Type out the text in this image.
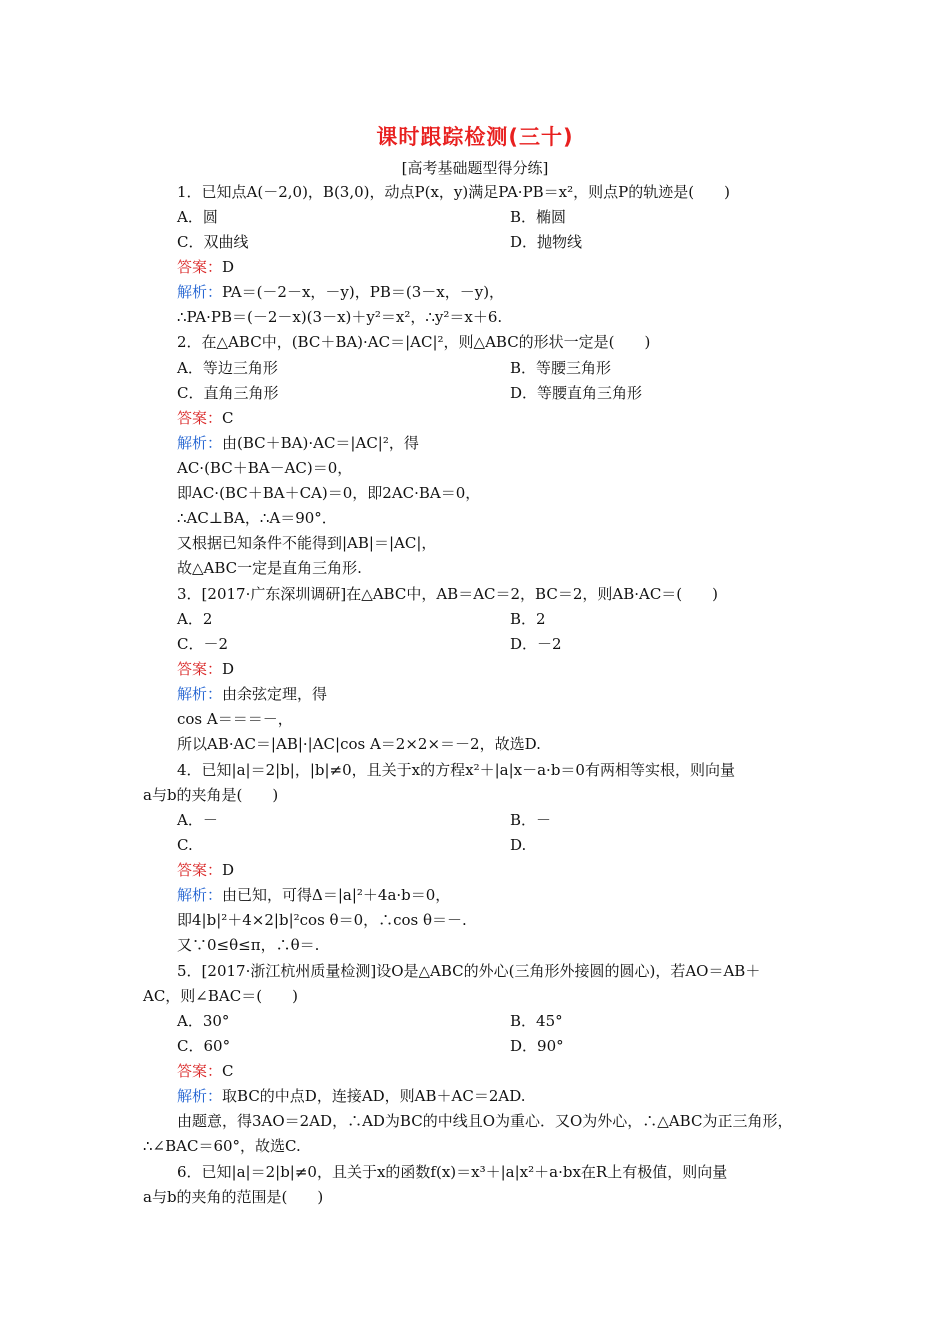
课时跟踪检测(三十)
[高考基础题型得分练]
1．已知点A(－2,0)，B(3,0)，动点P(x，y)满足PA·PB＝x²，则点P的轨迹是(　　)
A．圆	B．椭圆
C．双曲线	D．抛物线
答案：D
解析：PA＝(－2－x，－y)，PB＝(3－x，－y)，
∴PA·PB＝(－2－x)(3－x)＋y²＝x²，∴y²＝x＋6.
2．在△ABC中，(BC＋BA)·AC＝|AC|²，则△ABC的形状一定是(　　)
A．等边三角形	B．等腰三角形
C．直角三角形	D．等腰直角三角形
答案：C
解析：由(BC＋BA)·AC＝|AC|²，得
AC·(BC＋BA－AC)＝0，
即AC·(BC＋BA＋CA)＝0，即2AC·BA＝0，
∴AC⊥BA，∴A＝90°．
又根据已知条件不能得到|AB|＝|AC|，
故△ABC一定是直角三角形.
3．[2017·广东深圳调研]在△ABC中，AB＝AC＝2，BC＝2，则AB·AC＝(　　)
A．2	B．2
C．－2	D．－2
答案：D
解析：由余弦定理，得
cos A＝＝＝－，
所以AB·AC＝|AB|·|AC|cos A＝2×2×＝－2，故选D.
4．已知|a|＝2|b|，|b|≠0，且关于x的方程x²＋|a|x－a·b＝0有两相等实根，则向量
a与b的夹角是(　　)
A．－	B．－
C.	D.
答案：D
解析：由已知，可得Δ＝|a|²＋4a·b＝0，
即4|b|²＋4×2|b|²cos θ＝0，∴cos θ＝－.
又∵0≤θ≤π，∴θ＝.
5．[2017·浙江杭州质量检测]设O是△ABC的外心(三角形外接圆的圆心)，若AO＝AB＋
AC，则∠BAC＝(　　)
A．30°	B．45°
C．60°	D．90°
答案：C
解析：取BC的中点D，连接AD，则AB＋AC＝2AD.
由题意，得3AO＝2AD，∴AD为BC的中线且O为重心．又O为外心，∴△ABC为正三角形，
∴∠BAC＝60°，故选C.
6．已知|a|＝2|b|≠0，且关于x的函数f(x)＝x³＋|a|x²＋a·bx在R上有极值，则向量
a与b的夹角的范围是(　　)
